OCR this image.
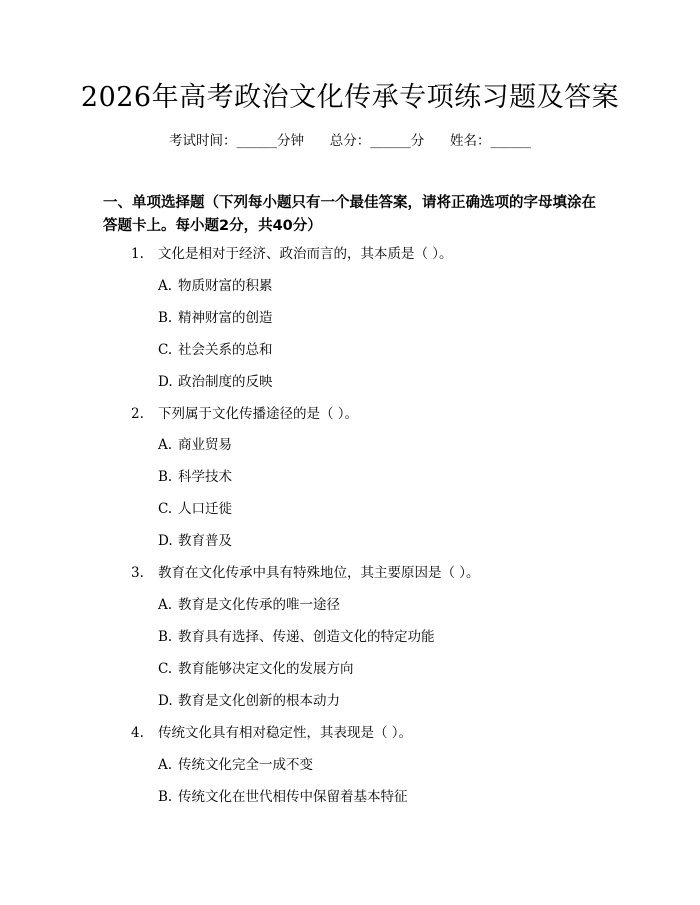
2026年高考政治文化传承专项练习题及答案
考试时间：______分钟 总分：______分 姓名：______
一、单项选择题（下列每小题只有一个最佳答案，请将正确选项的字母填涂在答题卡上。每小题2分，共40分）
1. 文化是相对于经济、政治而言的，其本质是（ ）。
A. 物质财富的积累
B. 精神财富的创造
C. 社会关系的总和
D. 政治制度的反映
2. 下列属于文化传播途径的是（ ）。
A. 商业贸易
B. 科学技术
C. 人口迁徙
D. 教育普及
3. 教育在文化传承中具有特殊地位，其主要原因是（ ）。
A. 教育是文化传承的唯一途径
B. 教育具有选择、传递、创造文化的特定功能
C. 教育能够决定文化的发展方向
D. 教育是文化创新的根本动力
4. 传统文化具有相对稳定性，其表现是（ ）。
A. 传统文化完全一成不变
B. 传统文化在世代相传中保留着基本特征
